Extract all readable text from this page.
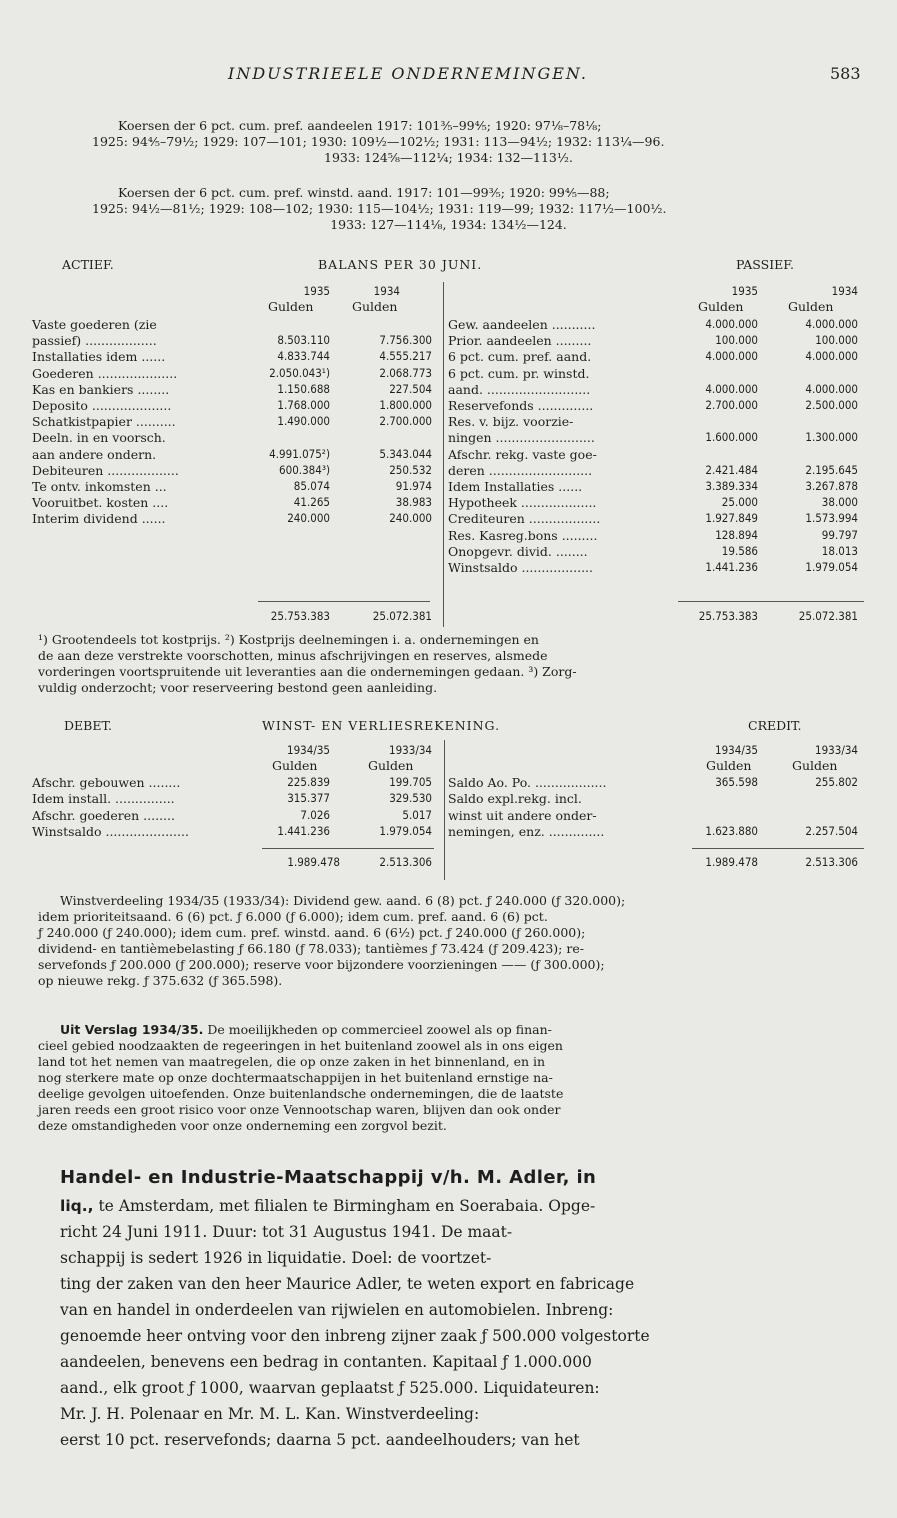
INDUSTRIEELE ONDERNEMINGEN.	583
Koersen der 6 pct. cum. pref. aandeelen 1917: 101⅗–99⅘; 1920: 97⅛–78⅛;
1925: 94⅘–79½; 1929: 107—101; 1930: 109½—102½; 1931: 113—94½; 1932: 113¼—96.
1933: 124⅝—112¼; 1934: 132—113½.
Koersen der 6 pct. cum. pref. winstd. aand. 1917: 101—99⅗; 1920: 99⅘—88;
1925: 94½—81½; 1929: 108—102; 1930: 115—104½; 1931: 119—99; 1932: 117½—100½.
1933: 127—114⅛, 1934: 134½—124.
ACTIEF.	BALANS PER 30 JUNI.	PASSIEF.
1935	1934	1935	1934
Gulden	Gulden	Gulden	Gulden
Vaste goederen (zie
passief) ..................	8.503.110	7.756.300
Installaties idem ......	4.833.744	4.555.217
Goederen ....................	2.050.043¹)	2.068.773
Kas en bankiers ........	1.150.688	227.504
Deposito ....................	1.768.000	1.800.000
Schatkistpapier ..........	1.490.000	2.700.000
Deeln. in en voorsch.
aan andere ondern.	4.991.075²)	5.343.044
Debiteuren ..................	600.384³)	250.532
Te ontv. inkomsten ...	85.074	91.974
Vooruitbet. kosten ....	41.265	38.983
Interim dividend ......	240.000	240.000
Gew. aandeelen ...........	4.000.000	4.000.000
Prior. aandeelen .........	100.000	100.000
6 pct. cum. pref. aand.	4.000.000	4.000.000
6 pct. cum. pr. winstd.
aand. ..........................	4.000.000	4.000.000
Reservefonds ..............	2.700.000	2.500.000
Res. v. bijz. voorzie-
ningen .........................	1.600.000	1.300.000
Afschr. rekg. vaste goe-
deren ..........................	2.421.484	2.195.645
Idem Installaties ......	3.389.334	3.267.878
Hypotheek ...................	25.000	38.000
Crediteuren ..................	1.927.849	1.573.994
Res. Kasreg.bons .........	128.894	99.797
Onopgevr. divid. ........	19.586	18.013
Winstsaldo ..................	1.441.236	1.979.054
25.753.383	25.072.381	25.753.383	25.072.381
¹) Grootendeels tot kostprijs. ²) Kostprijs deelnemingen i. a. ondernemingen en
de aan deze verstrekte voorschotten, minus afschrijvingen en reserves, alsmede
vorderingen voortspruitende uit leveranties aan die ondernemingen gedaan. ³) Zorg-
vuldig onderzocht; voor reserveering bestond geen aanleiding.
DEBET.	WINST- EN VERLIESREKENING.	CREDIT.
1934/35	1933/34	1934/35	1933/34
Gulden	Gulden	Gulden	Gulden
Afschr. gebouwen ........	225.839	199.705
Idem install. ...............	315.377	329.530
Afschr. goederen ........	7.026	5.017
Winstsaldo .....................	1.441.236	1.979.054
Saldo Ao. Po. ..................	365.598	255.802
Saldo expl.rekg. incl.
winst uit andere onder-
nemingen, enz. ..............	1.623.880	2.257.504
1.989.478	2.513.306	1.989.478	2.513.306
Winstverdeeling 1934/35 (1933/34): Dividend gew. aand. 6 (8) pct. ƒ 240.000 (ƒ 320.000);
idem prioriteitsaand. 6 (6) pct. ƒ 6.000 (ƒ 6.000); idem cum. pref. aand. 6 (6) pct.
ƒ 240.000 (ƒ 240.000); idem cum. pref. winstd. aand. 6 (6½) pct. ƒ 240.000 (ƒ 260.000);
dividend- en tantièmebelasting ƒ 66.180 (ƒ 78.033); tantièmes ƒ 73.424 (ƒ 209.423); re-
servefonds ƒ 200.000 (ƒ 200.000); reserve voor bijzondere voorzieningen —— (ƒ 300.000);
op nieuwe rekg. ƒ 375.632 (ƒ 365.598).
Uit Verslag 1934/35. De moeilijkheden op commercieel zoowel als op finan-
cieel gebied noodzaakten de regeeringen in het buitenland zoowel als in ons eigen
land tot het nemen van maatregelen, die op onze zaken in het binnenland, en in
nog sterkere mate op onze dochtermaatschappijen in het buitenland ernstige na-
deelige gevolgen uitoefenden. Onze buitenlandsche ondernemingen, die de laatste
jaren reeds een groot risico voor onze Vennootschap waren, blijven dan ook onder
deze omstandigheden voor onze onderneming een zorgvol bezit.
Handel- en Industrie-Maatschappij v/h. M. Adler, in
liq., te Amsterdam, met filialen te Birmingham en Soerabaia. Opge-
richt 24 Juni 1911. Duur: tot 31 Augustus 1941. De maat-
schappij is sedert 1926 in liquidatie. Doel: de voortzet-
ting der zaken van den heer Maurice Adler, te weten export en fabricage
van en handel in onderdeelen van rijwielen en automobielen. Inbreng:
genoemde heer ontving voor den inbreng zijner zaak ƒ 500.000 volgestorte
aandeelen, benevens een bedrag in contanten. Kapitaal ƒ 1.000.000
aand., elk groot ƒ 1000, waarvan geplaatst ƒ 525.000. Liquidateuren:
Mr. J. H. Polenaar en Mr. M. L. Kan. Winstverdeeling:
eerst 10 pct. reservefonds; daarna 5 pct. aandeelhouders; van het
